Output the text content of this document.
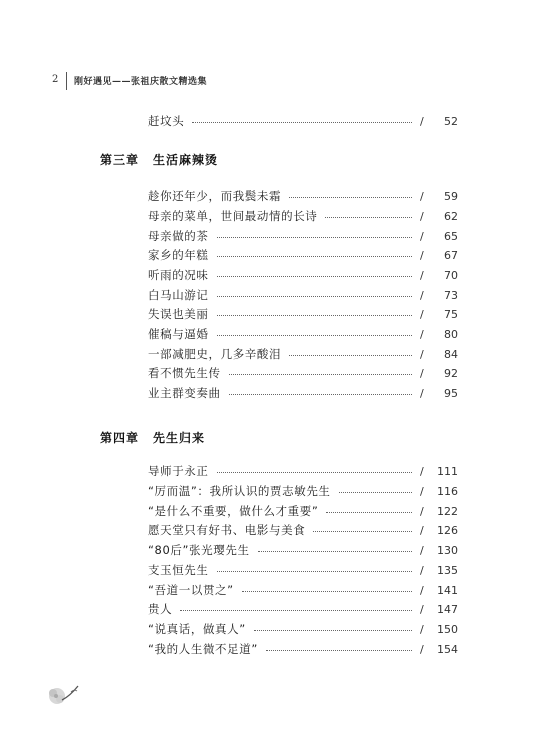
2 刚好遇见——张祖庆散文精选集
赶坟头	/	52
第三章 生活麻辣烫
趁你还年少，而我鬓未霜	/	59
母亲的菜单，世间最动情的长诗	/	62
母亲做的茶	/	65
家乡的年糕	/	67
听雨的况味	/	70
白马山游记	/	73
失误也美丽	/	75
催稿与逼婚	/	80
一部减肥史，几多辛酸泪	/	84
看不惯先生传	/	92
业主群变奏曲	/	95
第四章 先生归来
导师于永正	/	111
“厉而温”：我所认识的贾志敏先生	/	116
“是什么不重要，做什么才重要”	/	122
愿天堂只有好书、电影与美食	/	126
“80后”张光璎先生	/	130
支玉恒先生	/	135
“吾道一以贯之”	/	141
贵人	/	147
“说真话，做真人”	/	150
“我的人生微不足道”	/	154
